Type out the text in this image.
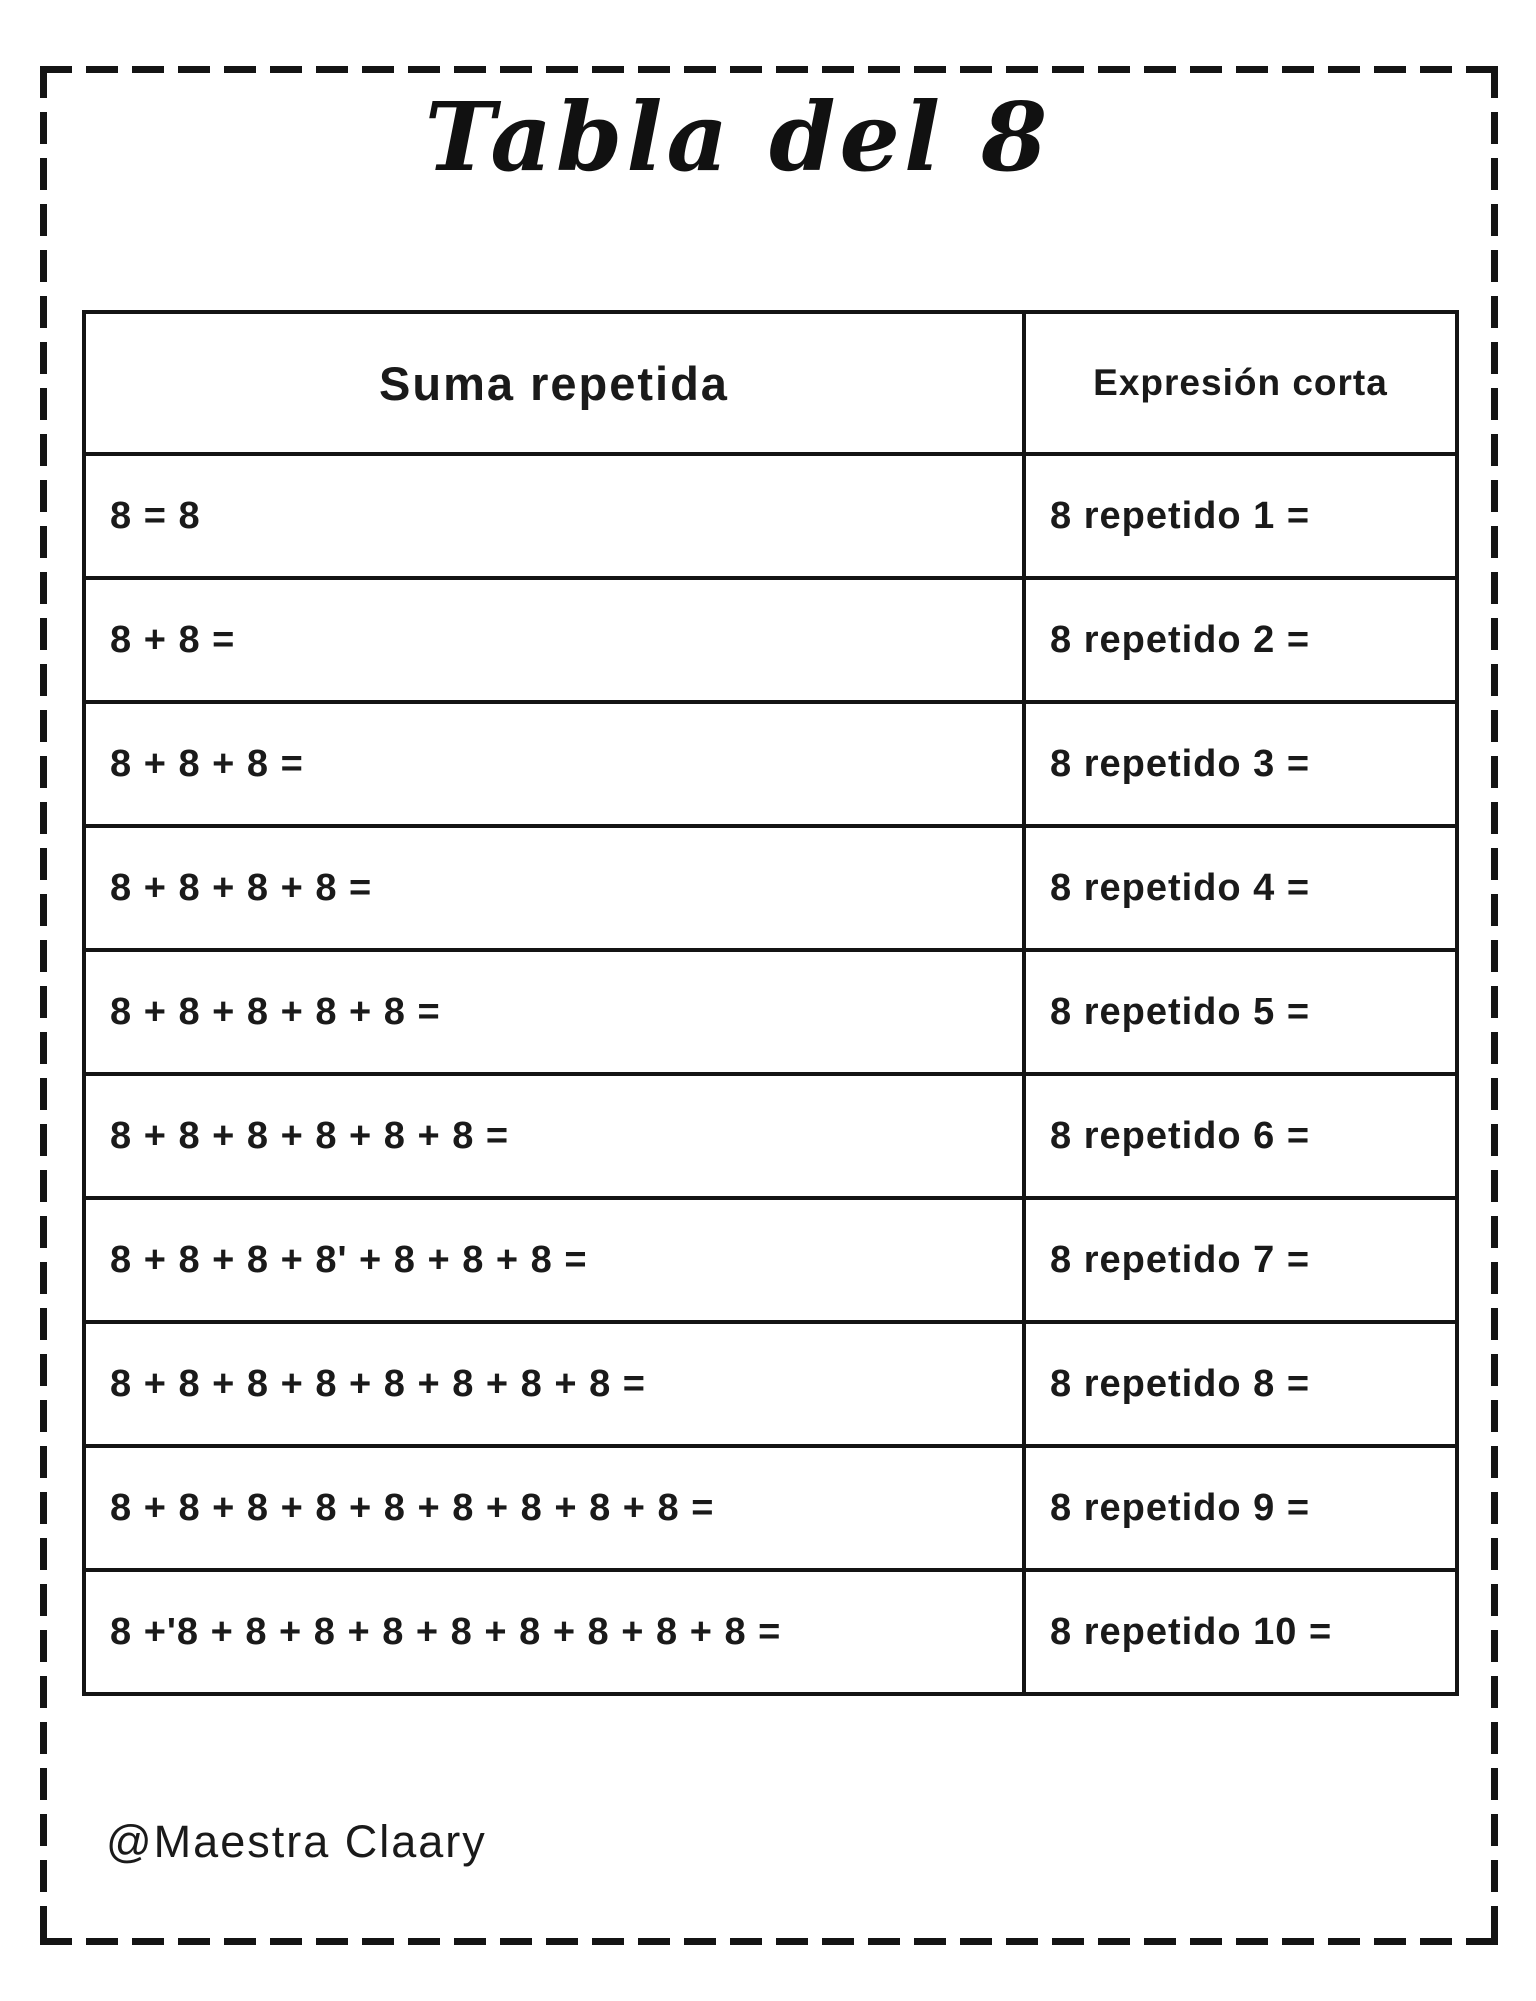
Tabla del 8
Suma repetida	Expresión corta
8 = 8	8 repetido 1 =
8 + 8 =	8 repetido 2 =
8 + 8 + 8 =	8 repetido 3 =
8 + 8 + 8 + 8 =	8 repetido 4 =
8 + 8 + 8 + 8 + 8 =	8 repetido 5 =
8 + 8 + 8 + 8 + 8 + 8 =	8 repetido 6 =
8 + 8 + 8 + 8' + 8 + 8 + 8 =	8 repetido 7 =
8 + 8 + 8 + 8 + 8 + 8 + 8 + 8 =	8 repetido 8 =
8 + 8 + 8 + 8 + 8 + 8 + 8 + 8 + 8 =	8 repetido 9 =
8 +'8 + 8 + 8 + 8 + 8 + 8 + 8 + 8 + 8 =	8 repetido 10 =
@Maestra Claary
